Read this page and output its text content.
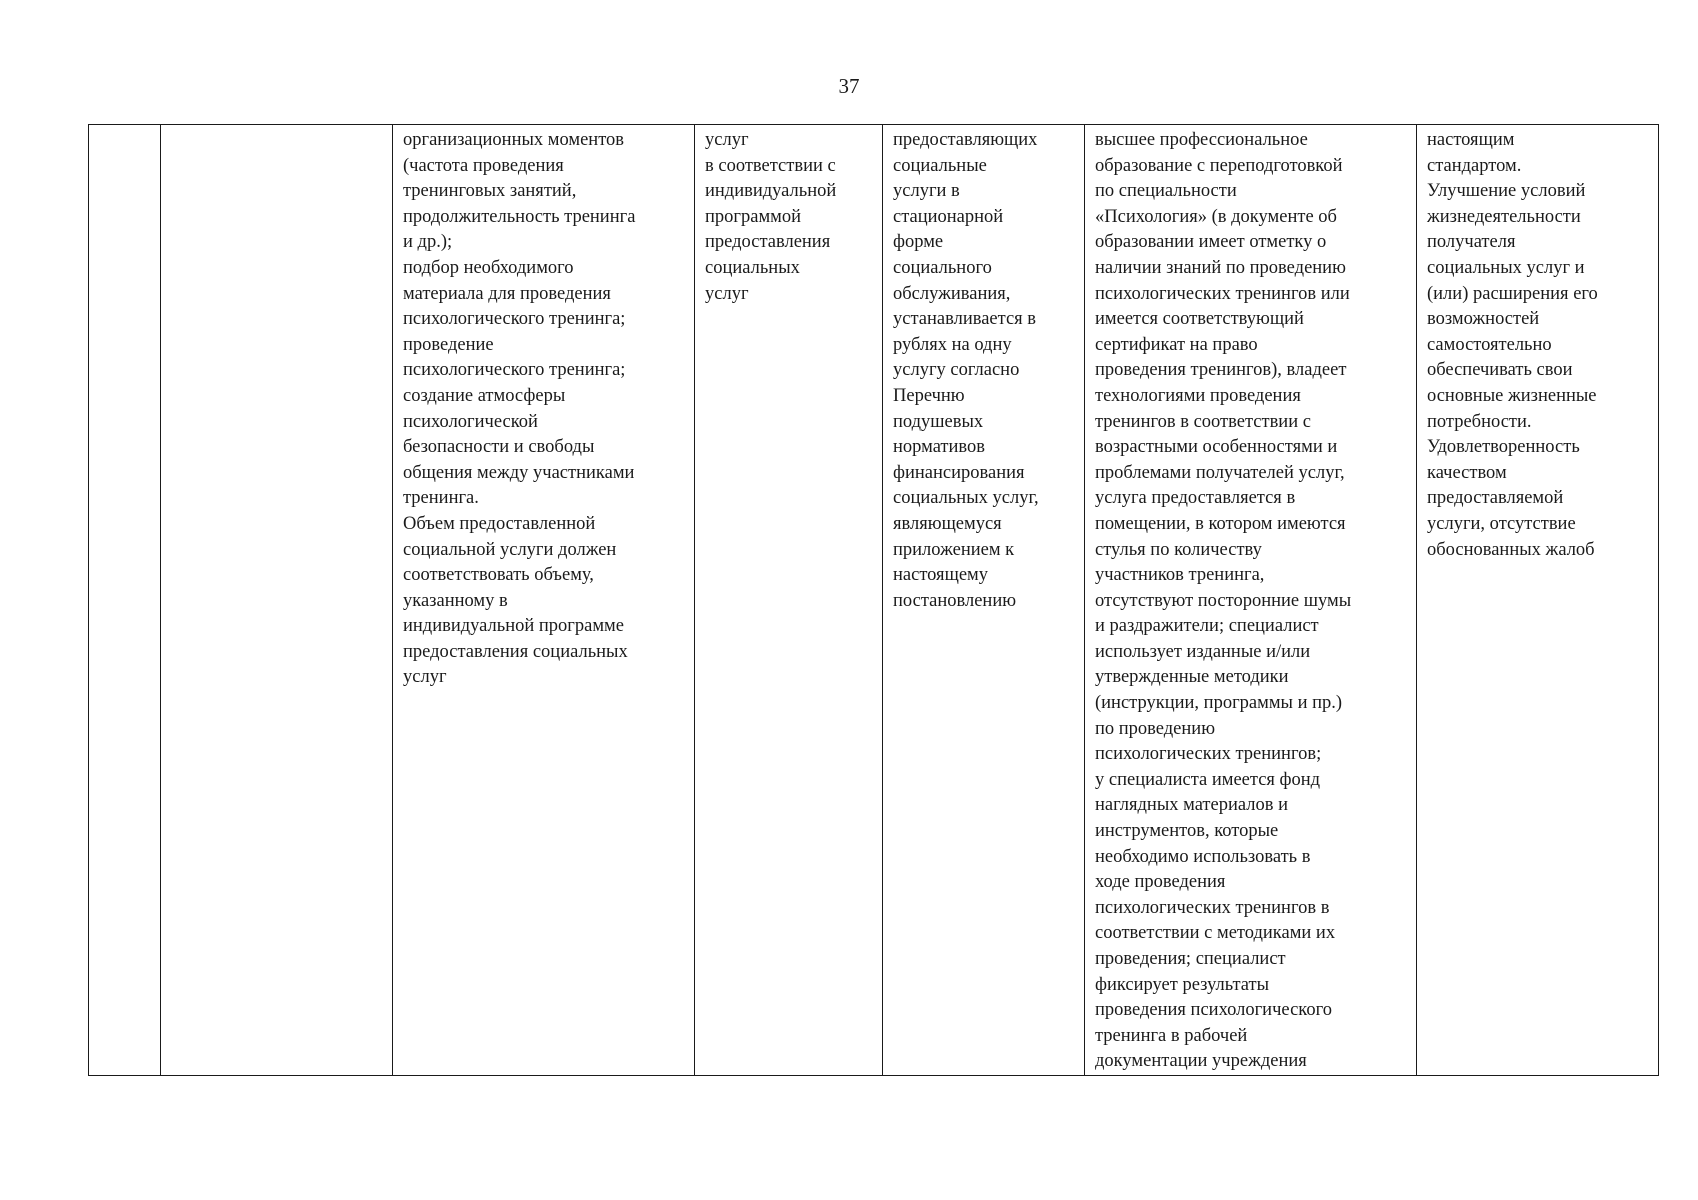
37
		организационных моментов
(частота проведения
тренинговых занятий,
продолжительность тренинга
и др.);
подбор необходимого
материала для проведения
психологического тренинга;
проведение
психологического тренинга;
создание атмосферы
психологической
безопасности и свободы
общения между участниками
тренинга.
Объем предоставленной
социальной услуги должен
соответствовать объему,
указанному в
индивидуальной программе
предоставления социальных
услуг	услуг
в соответствии с
индивидуальной
программой
предоставления
социальных
услуг	предоставляющих
социальные
услуги в
стационарной
форме
социального
обслуживания,
устанавливается в
рублях на одну
услугу согласно
Перечню
подушевых
нормативов
финансирования
социальных услуг,
являющемуся
приложением к
настоящему
постановлению	высшее профессиональное
образование с переподготовкой
по специальности
«Психология» (в документе об
образовании имеет отметку о
наличии знаний по проведению
психологических тренингов или
имеется соответствующий
сертификат на право
проведения тренингов), владеет
технологиями проведения
тренингов в соответствии с
возрастными особенностями и
проблемами получателей услуг,
услуга предоставляется в
помещении, в котором имеются
стулья по количеству
участников тренинга,
отсутствуют посторонние шумы
и раздражители; специалист
использует изданные и/или
утвержденные методики
(инструкции, программы и пр.)
по проведению
психологических тренингов;
у специалиста имеется фонд
наглядных материалов и
инструментов, которые
необходимо использовать в
ходе проведения
психологических тренингов в
соответствии с методиками их
проведения; специалист
фиксирует результаты
проведения психологического
тренинга в рабочей
документации учреждения	настоящим
стандартом.
Улучшение условий
жизнедеятельности
получателя
социальных услуг и
(или) расширения его
возможностей
самостоятельно
обеспечивать свои
основные жизненные
потребности.
Удовлетворенность
качеством
предоставляемой
услуги, отсутствие
обоснованных жалоб
